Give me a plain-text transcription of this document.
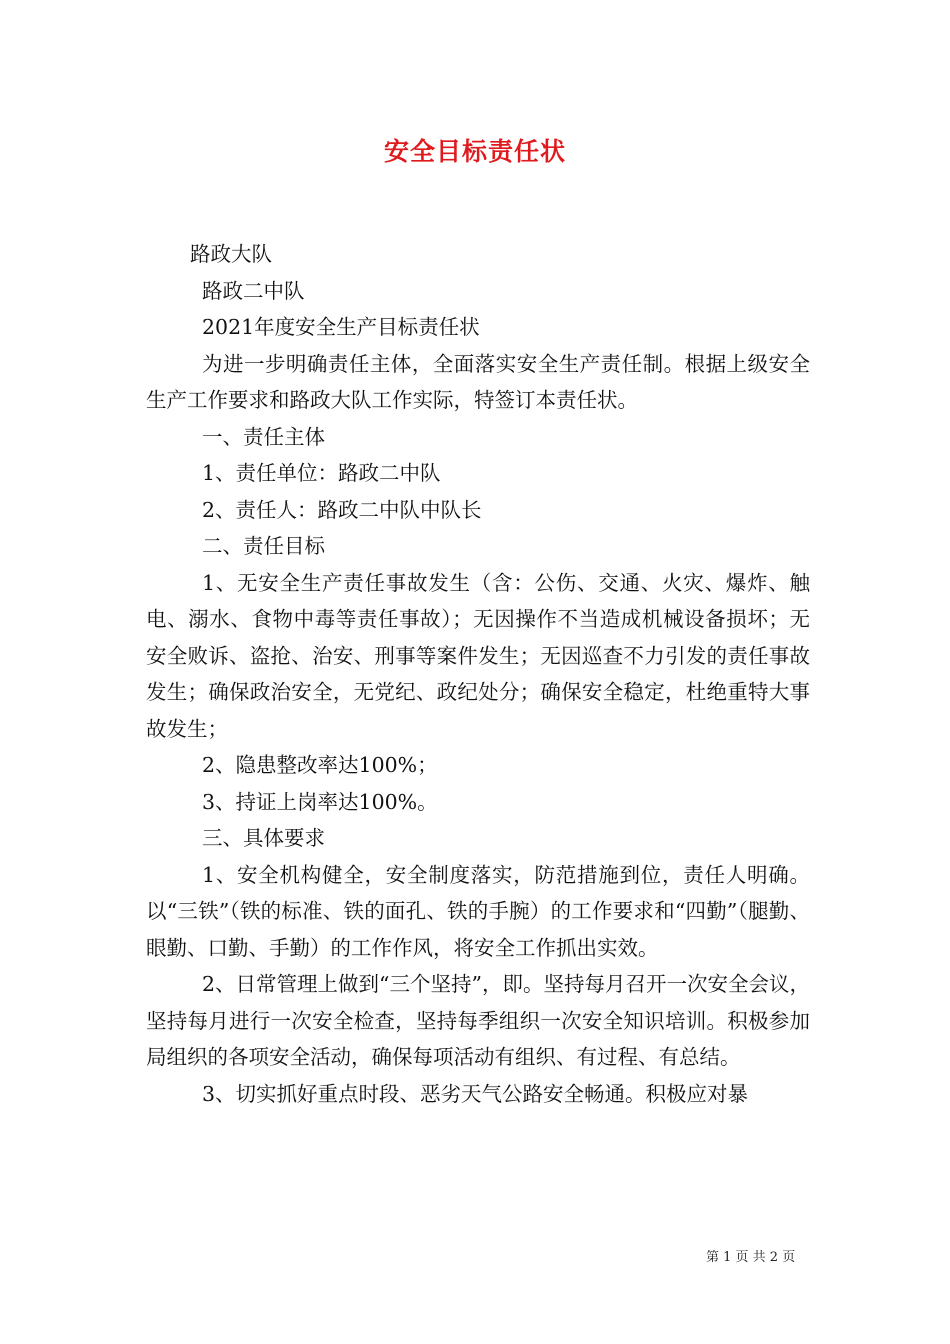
安全目标责任状

路政大队

路政二中队

2021年度安全生产目标责任状

为进一步明确责任主体，全面落实安全生产责任制。根据上级安全生产工作要求和路政大队工作实际，特签订本责任状。

一、责任主体

1、责任单位：路政二中队

2、责任人：路政二中队中队长

二、责任目标

1、无安全生产责任事故发生（含：公伤、交通、火灾、爆炸、触电、溺水、食物中毒等责任事故）；无因操作不当造成机械设备损坏；无安全败诉、盗抢、治安、刑事等案件发生；无因巡查不力引发的责任事故发生；确保政治安全，无党纪、政纪处分；确保安全稳定，杜绝重特大事故发生；

2、隐患整改率达100%；

3、持证上岗率达100%。

三、具体要求

1、安全机构健全，安全制度落实，防范措施到位，责任人明确。以“三铁”（铁的标准、铁的面孔、铁的手腕）的工作要求和“四勤”（腿勤、眼勤、口勤、手勤）的工作作风，将安全工作抓出实效。

2、日常管理上做到“三个坚持”，即。坚持每月召开一次安全会议，坚持每月进行一次安全检查，坚持每季组织一次安全知识培训。积极参加局组织的各项安全活动，确保每项活动有组织、有过程、有总结。

3、切实抓好重点时段、恶劣天气公路安全畅通。积极应对暴

第 1 页 共 2 页
